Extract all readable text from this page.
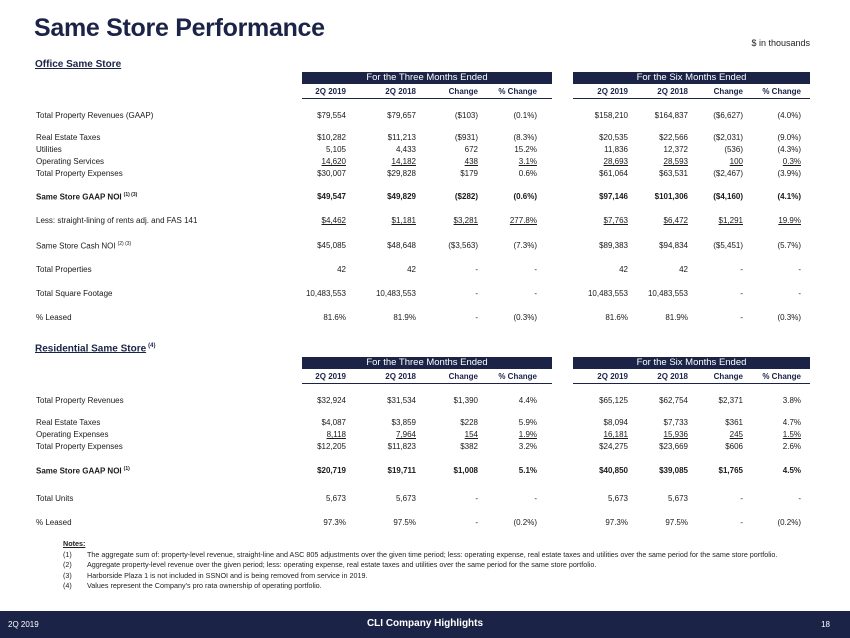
Same Store Performance
$ in thousands
Office Same Store
For the Three Months Ended	For the Six Months Ended
2Q 2019	2Q 2018	Change	% Change	2Q 2019	2Q 2018	Change	% Change
Total Property Revenues (GAAP)	$79,554	$79,657	($103)	(0.1%)	$158,210	$164,837	($6,627)	(4.0%)
Real Estate Taxes	$10,282	$11,213	($931)	(8.3%)	$20,535	$22,566	($2,031)	(9.0%)
Utilities	5,105	4,433	672	15.2%	11,836	12,372	(536)	(4.3%)
Operating Services	14,620	14,182	438	3.1%	28,693	28,593	100	0.3%
Total Property Expenses	$30,007	$29,828	$179	0.6%	$61,064	$63,531	($2,467)	(3.9%)
Same Store GAAP NOI $^{(1) (3)}$	$49,547	$49,829	($282)	(0.6%)	$97,146	$101,306	($4,160)	(4.1%)
Less: straight-lining of rents adj. and FAS 141	$4,462	$1,181	$3,281	277.8%	$7,763	$6,472	$1,291	19.9%
Same Store Cash NOI $^{(2) (3)}$	$45,085	$48,648	($3,563)	(7.3%)	$89,383	$94,834	($5,451)	(5.7%)
Total Properties	42	42	-	-	42	42	-	-
Total Square Footage	10,483,553	10,483,553	-	-	10,483,553	10,483,553	-	-
% Leased	81.6%	81.9%	-	(0.3%)	81.6%	81.9%	-	(0.3%)
Residential Same Store $^{(4)}$
For the Three Months Ended	For the Six Months Ended
2Q 2019	2Q 2018	Change	% Change	2Q 2019	2Q 2018	Change	% Change
Total Property Revenues	$32,924	$31,534	$1,390	4.4%	$65,125	$62,754	$2,371	3.8%
Real Estate Taxes	$4,087	$3,859	$228	5.9%	$8,094	$7,733	$361	4.7%
Operating Expenses	8,118	7,964	154	1.9%	16,181	15,936	245	1.5%
Total Property Expenses	$12,205	$11,823	$382	3.2%	$24,275	$23,669	$606	2.6%
Same Store GAAP NOI $^{(1)}$	$20,719	$19,711	$1,008	5.1%	$40,850	$39,085	$1,765	4.5%
Total Units	5,673	5,673	-	-	5,673	5,673	-	-
% Leased	97.3%	97.5%	-	(0.2%)	97.3%	97.5%	-	(0.2%)
Notes:
(1) The aggregate sum of: property-level revenue, straight-line and ASC 805 adjustments over the given time period; less: operating expense, real estate taxes and utilities over the same period for the same store portfolio.
(2) Aggregate property-level revenue over the given period; less: operating expense, real estate taxes and utilities over the same period for the same store portfolio.
(3) Harborside Plaza 1 is not included in SSNOI and is being removed from service in 2019.
(4) Values represent the Company’s pro rata ownership of operating portfolio.
2Q 2019	CLI Company Highlights	18
